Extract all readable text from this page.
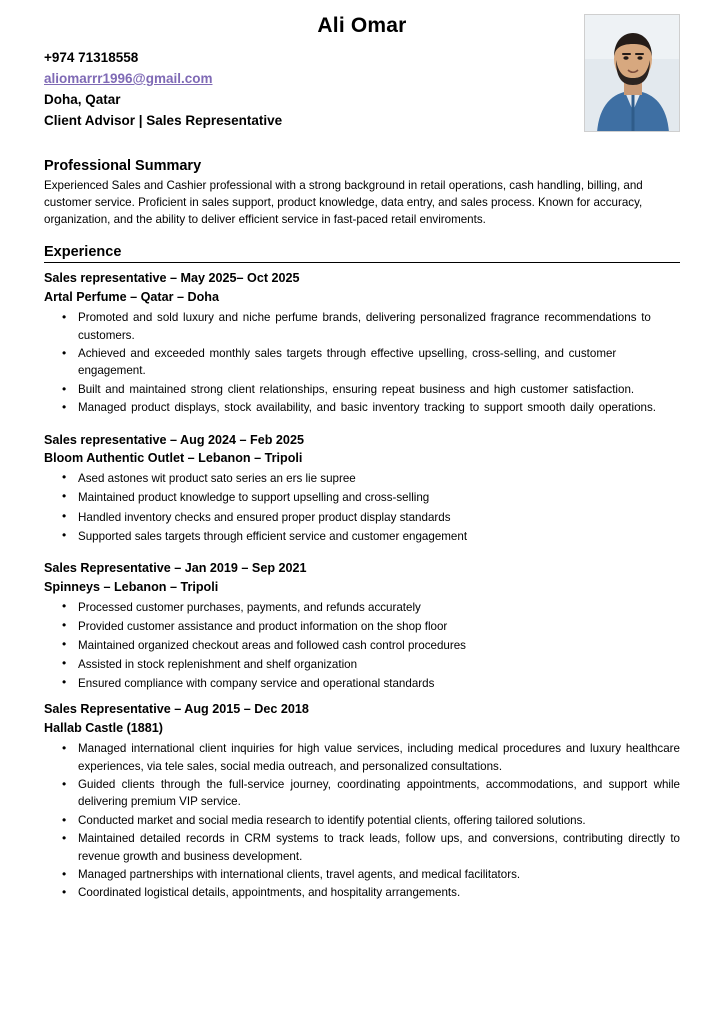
Ali Omar
+974 71318558
aliomarrr1996@gmail.com
Doha, Qatar
Client Advisor | Sales Representative
Professional Summary

Experienced Sales and Cashier professional with a strong background in retail operations, cash handling, billing, and customer service. Proficient in sales support, product knowledge, data entry, and sales process. Known for accuracy, organization, and the ability to deliver efficient service in fast-paced retail enviroments.

Experience
Sales representative – May 2025– Oct 2025
Artal Perfume – Qatar – Doha
• Promoted and sold luxury and niche perfume brands, delivering personalized fragrance recommendations to customers.
• Achieved and exceeded monthly sales targets through effective upselling, cross-selling, and customer engagement.
• Built and maintained strong client relationships, ensuring repeat business and high customer satisfaction.
• Managed product displays, stock availability, and basic inventory tracking to support smooth daily operations.
Sales representative – Aug 2024 – Feb 2025
Bloom Authentic Outlet – Lebanon – Tripoli
• Ased astones wit product sato series an ers lie supree
• Maintained product knowledge to support upselling and cross-selling
• Handled inventory checks and ensured proper product display standards
• Supported sales targets through efficient service and customer engagement
Sales Representative – Jan 2019 – Sep 2021
Spinneys – Lebanon – Tripoli
• Processed customer purchases, payments, and refunds accurately
• Provided customer assistance and product information on the shop floor
• Maintained organized checkout areas and followed cash control procedures
• Assisted in stock replenishment and shelf organization
• Ensured compliance with company service and operational standards
Sales Representative – Aug 2015 – Dec 2018
Hallab Castle (1881)
• Managed international client inquiries for high value services, including medical procedures and luxury healthcare experiences, via tele sales, social media outreach, and personalized consultations.
• Guided clients through the full-service journey, coordinating appointments, accommodations, and support while delivering premium VIP service.
• Conducted market and social media research to identify potential clients, offering tailored solutions.
• Maintained detailed records in CRM systems to track leads, follow ups, and conversions, contributing directly to revenue growth and business development.
• Managed partnerships with international clients, travel agents, and medical facilitators.
• Coordinated logistical details, appointments, and hospitality arrangements.
